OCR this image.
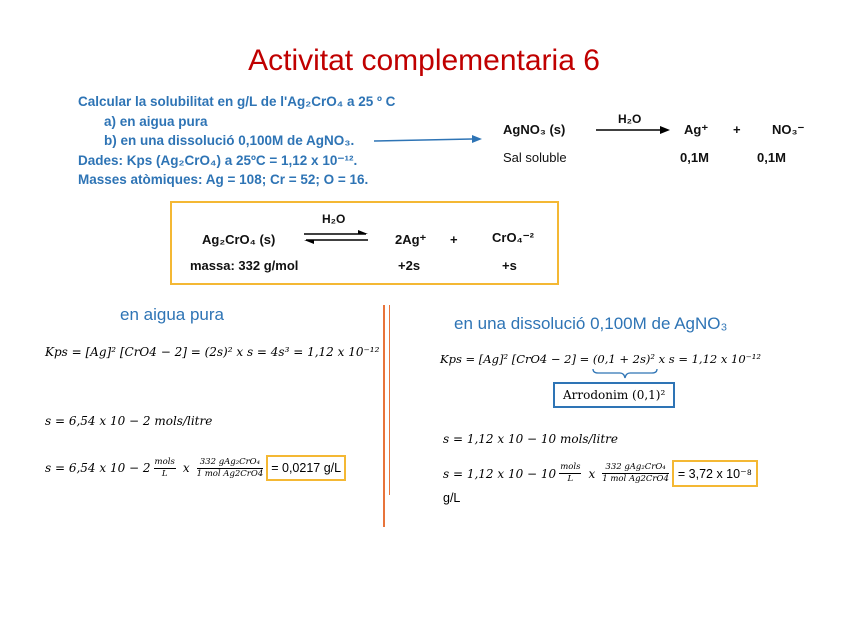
Activitat complementaria 6
Calcular la solubilitat en g/L de l'Ag₂CrO₄ a 25 º C
a) en aigua pura
b) en una dissolució 0,100M de AgNO₃.
Dades: Kps (Ag₂CrO₄) a 25ºC = 1,12 x 10⁻¹².
Masses atòmiques: Ag = 108; Cr = 52; O = 16.
AgNO₃ (s)
H₂O
Ag⁺ + NO₃⁻
Sal soluble	0,1M	0,1M
Ag₂CrO₄ (s)
H₂O
2Ag⁺ +	CrO₄⁻²
massa: 332 g/mol	+2s	+s
en aigua pura
Kps = [Ag]² [CrO4 − 2] = (2s)² x s = 4s³ = 1,12 x 10⁻¹²
s = 6,54 x 10 − 2 mols/litre
s = 6,54 x $10 - 2 \frac{\text{mols}}{L}$ x $\frac{\text{332 gAg₂CrO₄}}{\text{1 mol Ag2CrO4}} = 0,0217$ g/L
en una dissolució 0,100M de AgNO₃
Kps = [Ag]² [CrO4 − 2] = (0,1 + 2s)² x s = 1,12 x 10⁻¹²
Arrodonim (0,1)²
s = 1,12 x 10 − 10 mols/litre
s = 1,12 x $10 - 10 \frac{\text{mols}}{L}$ x $\frac{\text{332 gAg₂CrO₄}}{\text{1 mol Ag2CrO4}} = 3,72$ x 10⁻⁸
g/L
